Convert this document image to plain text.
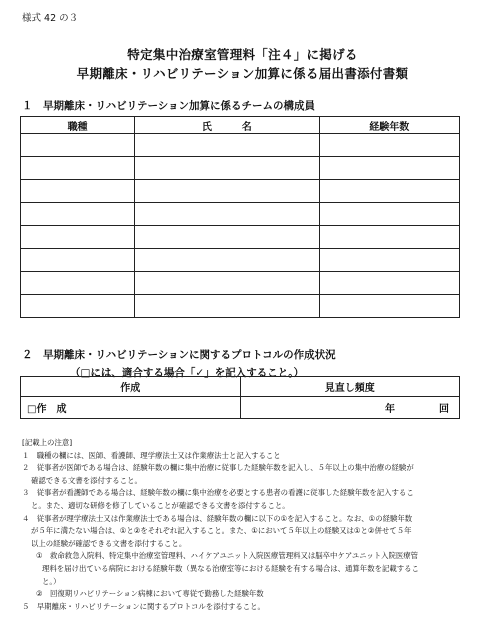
様式 42 の３
特定集中治療室管理料「注４」に掲げる
早期離床・リハビリテーション加算に係る届出書添付書類
１　早期離床・リハビリテーション加算に係るチームの構成員
職種	氏　　　名	経験年数

２　早期離床・リハビリテーションに関するプロトコルの作成状況
（□には、適合する場合「✓」を記入すること。）
作成	見直し頻度
□作　成	年 回

[記載上の注意]

１　職種の欄には、医師、看護師、理学療法士又は作業療法士と記入すること

２　従事者が医師である場合は、経験年数の欄に集中治療に従事した経験年数を記入し、５年以上の集中治療の経験が

確認できる文書を添付すること。

３　従事者が看護師である場合は、経験年数の欄に集中治療を必要とする患者の看護に従事した経験年数を記入するこ

と。また、適切な研修を修了していることが確認できる文書を添付すること。

４　従事者が理学療法士又は作業療法士である場合は、経験年数の欄に以下の①を記入すること。なお、①の経験年数

が５年に満たない場合は、①と②をそれぞれ記入すること。また、①において５年以上の経験又は①と②併せて５年

以上の経験が確認できる文書を添付すること。

①　救命救急入院料、特定集中治療室管理料、ハイケアユニット入院医療管理料又は脳卒中ケアユニット入院医療管

理料を届け出ている病院における経験年数（異なる治療室等における経験を有する場合は、通算年数を記載するこ

と。）

②　回復期リハビリテーション病棟において専従で勤務した経験年数

５　早期離床・リハビリテーションに関するプロトコルを添付すること。
